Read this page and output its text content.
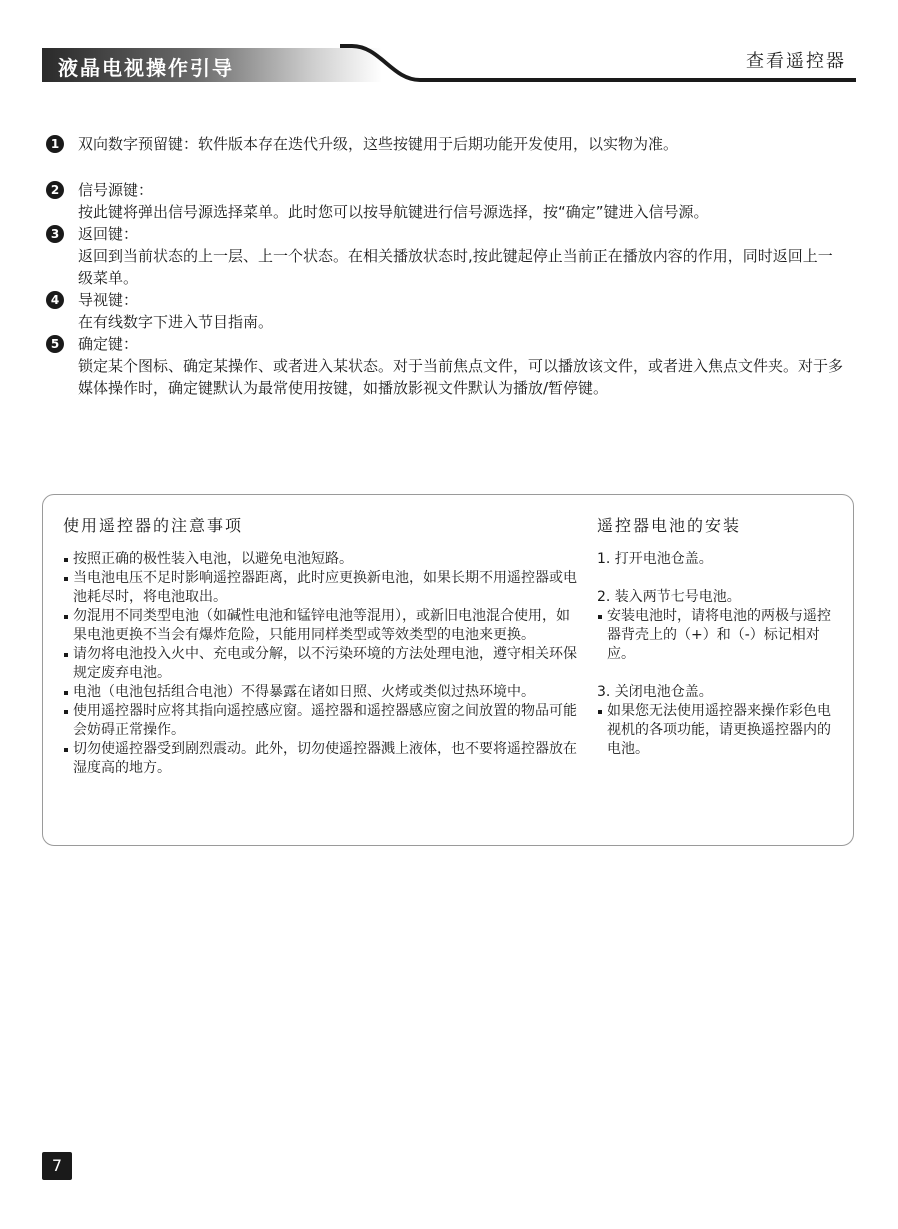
液晶电视操作引导	查看遥控器
1	双向数字预留键：软件版本存在迭代升级，这些按键用于后期功能开发使用，以实物为准。
2	信号源键：
按此键将弹出信号源选择菜单。此时您可以按导航键进行信号源选择，按“确定”键进入信号源。
3	返回键：
返回到当前状态的上一层、上一个状态。在相关播放状态时,按此键起停止当前正在播放内容的作用，同时返回上一级菜单。
4	导视键：
在有线数字下进入节目指南。
5	确定键：
锁定某个图标、确定某操作、或者进入某状态。对于当前焦点文件，可以播放该文件，或者进入焦点文件夹。对于多媒体操作时，确定键默认为最常使用按键，如播放影视文件默认为播放/暂停键。
使用遥控器的注意事项
按照正确的极性装入电池，以避免电池短路。
当电池电压不足时影响遥控器距离，此时应更换新电池，如果长期不用遥控器或电池耗尽时，将电池取出。
勿混用不同类型电池（如碱性电池和锰锌电池等混用），或新旧电池混合使用，如果电池更换不当会有爆炸危险，只能用同样类型或等效类型的电池来更换。
请勿将电池投入火中、充电或分解，以不污染环境的方法处理电池，遵守相关环保规定废弃电池。
电池（电池包括组合电池）不得暴露在诸如日照、火烤或类似过热环境中。
使用遥控器时应将其指向遥控感应窗。遥控器和遥控器感应窗之间放置的物品可能会妨碍正常操作。
切勿使遥控器受到剧烈震动。此外，切勿使遥控器溅上液体，也不要将遥控器放在湿度高的地方。
遥控器电池的安装
1. 打开电池仓盖。
2. 装入两节七号电池。
安装电池时，请将电池的两极与遥控器背壳上的（+）和（-）标记相对应。
3. 关闭电池仓盖。
如果您无法使用遥控器来操作彩色电视机的各项功能，请更换遥控器内的电池。
7
